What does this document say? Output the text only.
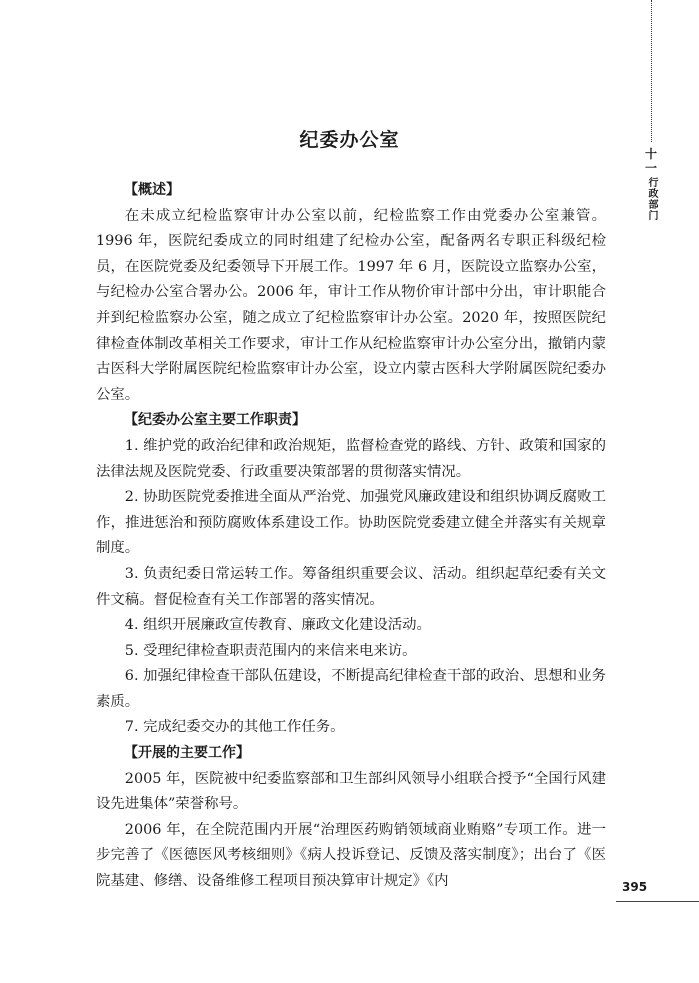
纪委办公室
十一
行政部门

【概述】

在未成立纪检监察审计办公室以前，纪检监察工作由党委办公室兼管。1996 年，医院纪委成立的同时组建了纪检办公室，配备两名专职正科级纪检员，在医院党委及纪委领导下开展工作。1997 年 6 月，医院设立监察办公室，与纪检办公室合署办公。2006 年，审计工作从物价审计部中分出，审计职能合并到纪检监察办公室，随之成立了纪检监察审计办公室。2020 年，按照医院纪律检查体制改革相关工作要求，审计工作从纪检监察审计办公室分出，撤销内蒙古医科大学附属医院纪检监察审计办公室，设立内蒙古医科大学附属医院纪委办公室。

【纪委办公室主要工作职责】

1. 维护党的政治纪律和政治规矩，监督检查党的路线、方针、政策和国家的法律法规及医院党委、行政重要决策部署的贯彻落实情况。

2. 协助医院党委推进全面从严治党、加强党风廉政建设和组织协调反腐败工作，推进惩治和预防腐败体系建设工作。协助医院党委建立健全并落实有关规章制度。

3. 负责纪委日常运转工作。筹备组织重要会议、活动。组织起草纪委有关文件文稿。督促检查有关工作部署的落实情况。

4. 组织开展廉政宣传教育、廉政文化建设活动。

5. 受理纪律检查职责范围内的来信来电来访。

6. 加强纪律检查干部队伍建设，不断提高纪律检查干部的政治、思想和业务素质。

7. 完成纪委交办的其他工作任务。

【开展的主要工作】

2005 年，医院被中纪委监察部和卫生部纠风领导小组联合授予“全国行风建设先进集体”荣誉称号。

2006 年，在全院范围内开展“治理医药购销领域商业贿赂”专项工作。进一步完善了《医德医风考核细则》《病人投诉登记、反馈及落实制度》；出台了《医院基建、修缮、设备维修工程项目预决算审计规定》《内	395
